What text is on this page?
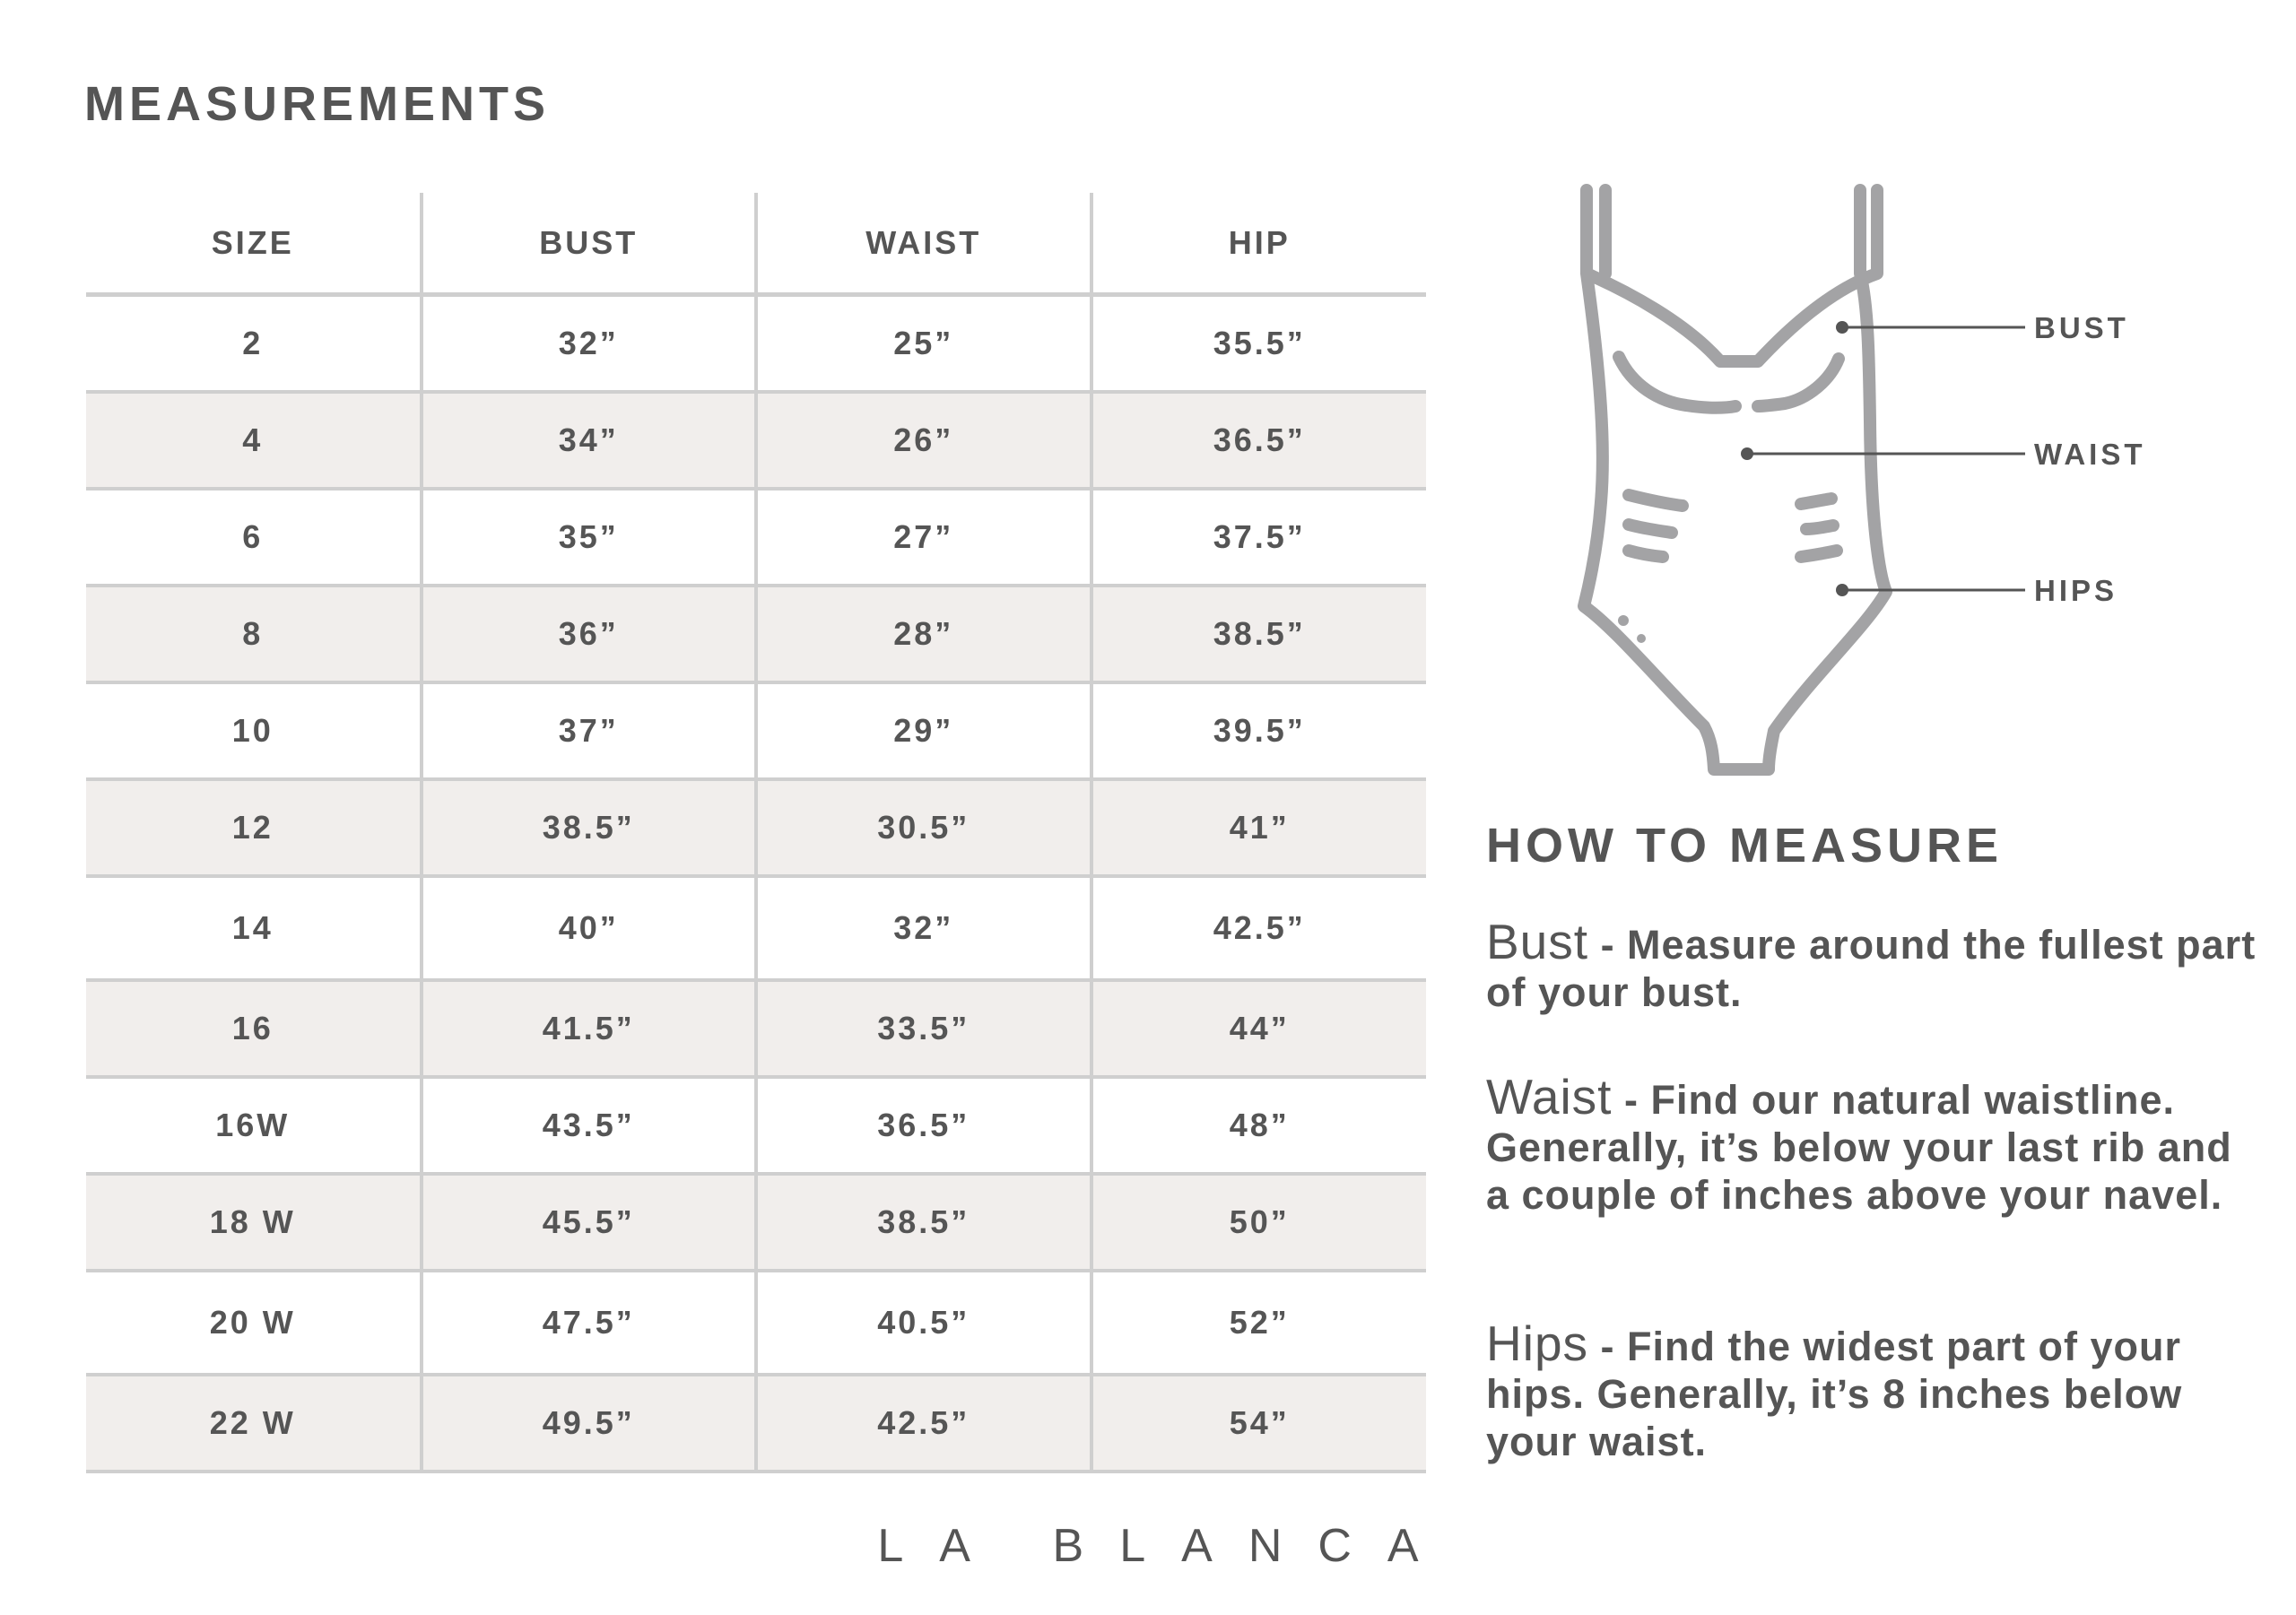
MEASUREMENTS
SIZE	BUST	WAIST	HIP
2	32”	25”	35.5”
4	34”	26”	36.5”
6	35”	27”	37.5”
8	36”	28”	38.5”
10	37”	29”	39.5”
12	38.5”	30.5”	41”
14	40”	32”	42.5”
16	41.5”	33.5”	44”
16W	43.5”	36.5”	48”
18 W	45.5”	38.5”	50”
20 W	47.5”	40.5”	52”
22 W	49.5”	42.5”	54”
BUST
WAIST
HIPS
HOW TO MEASURE

Bust - Measure around the fullest part of your bust.

Waist - Find our natural waistline. Generally, it’s below your last rib and a couple of inches above your navel.

Hips - Find the widest part of your hips. Generally, it’s 8 inches below your waist.

LA BLANCA
